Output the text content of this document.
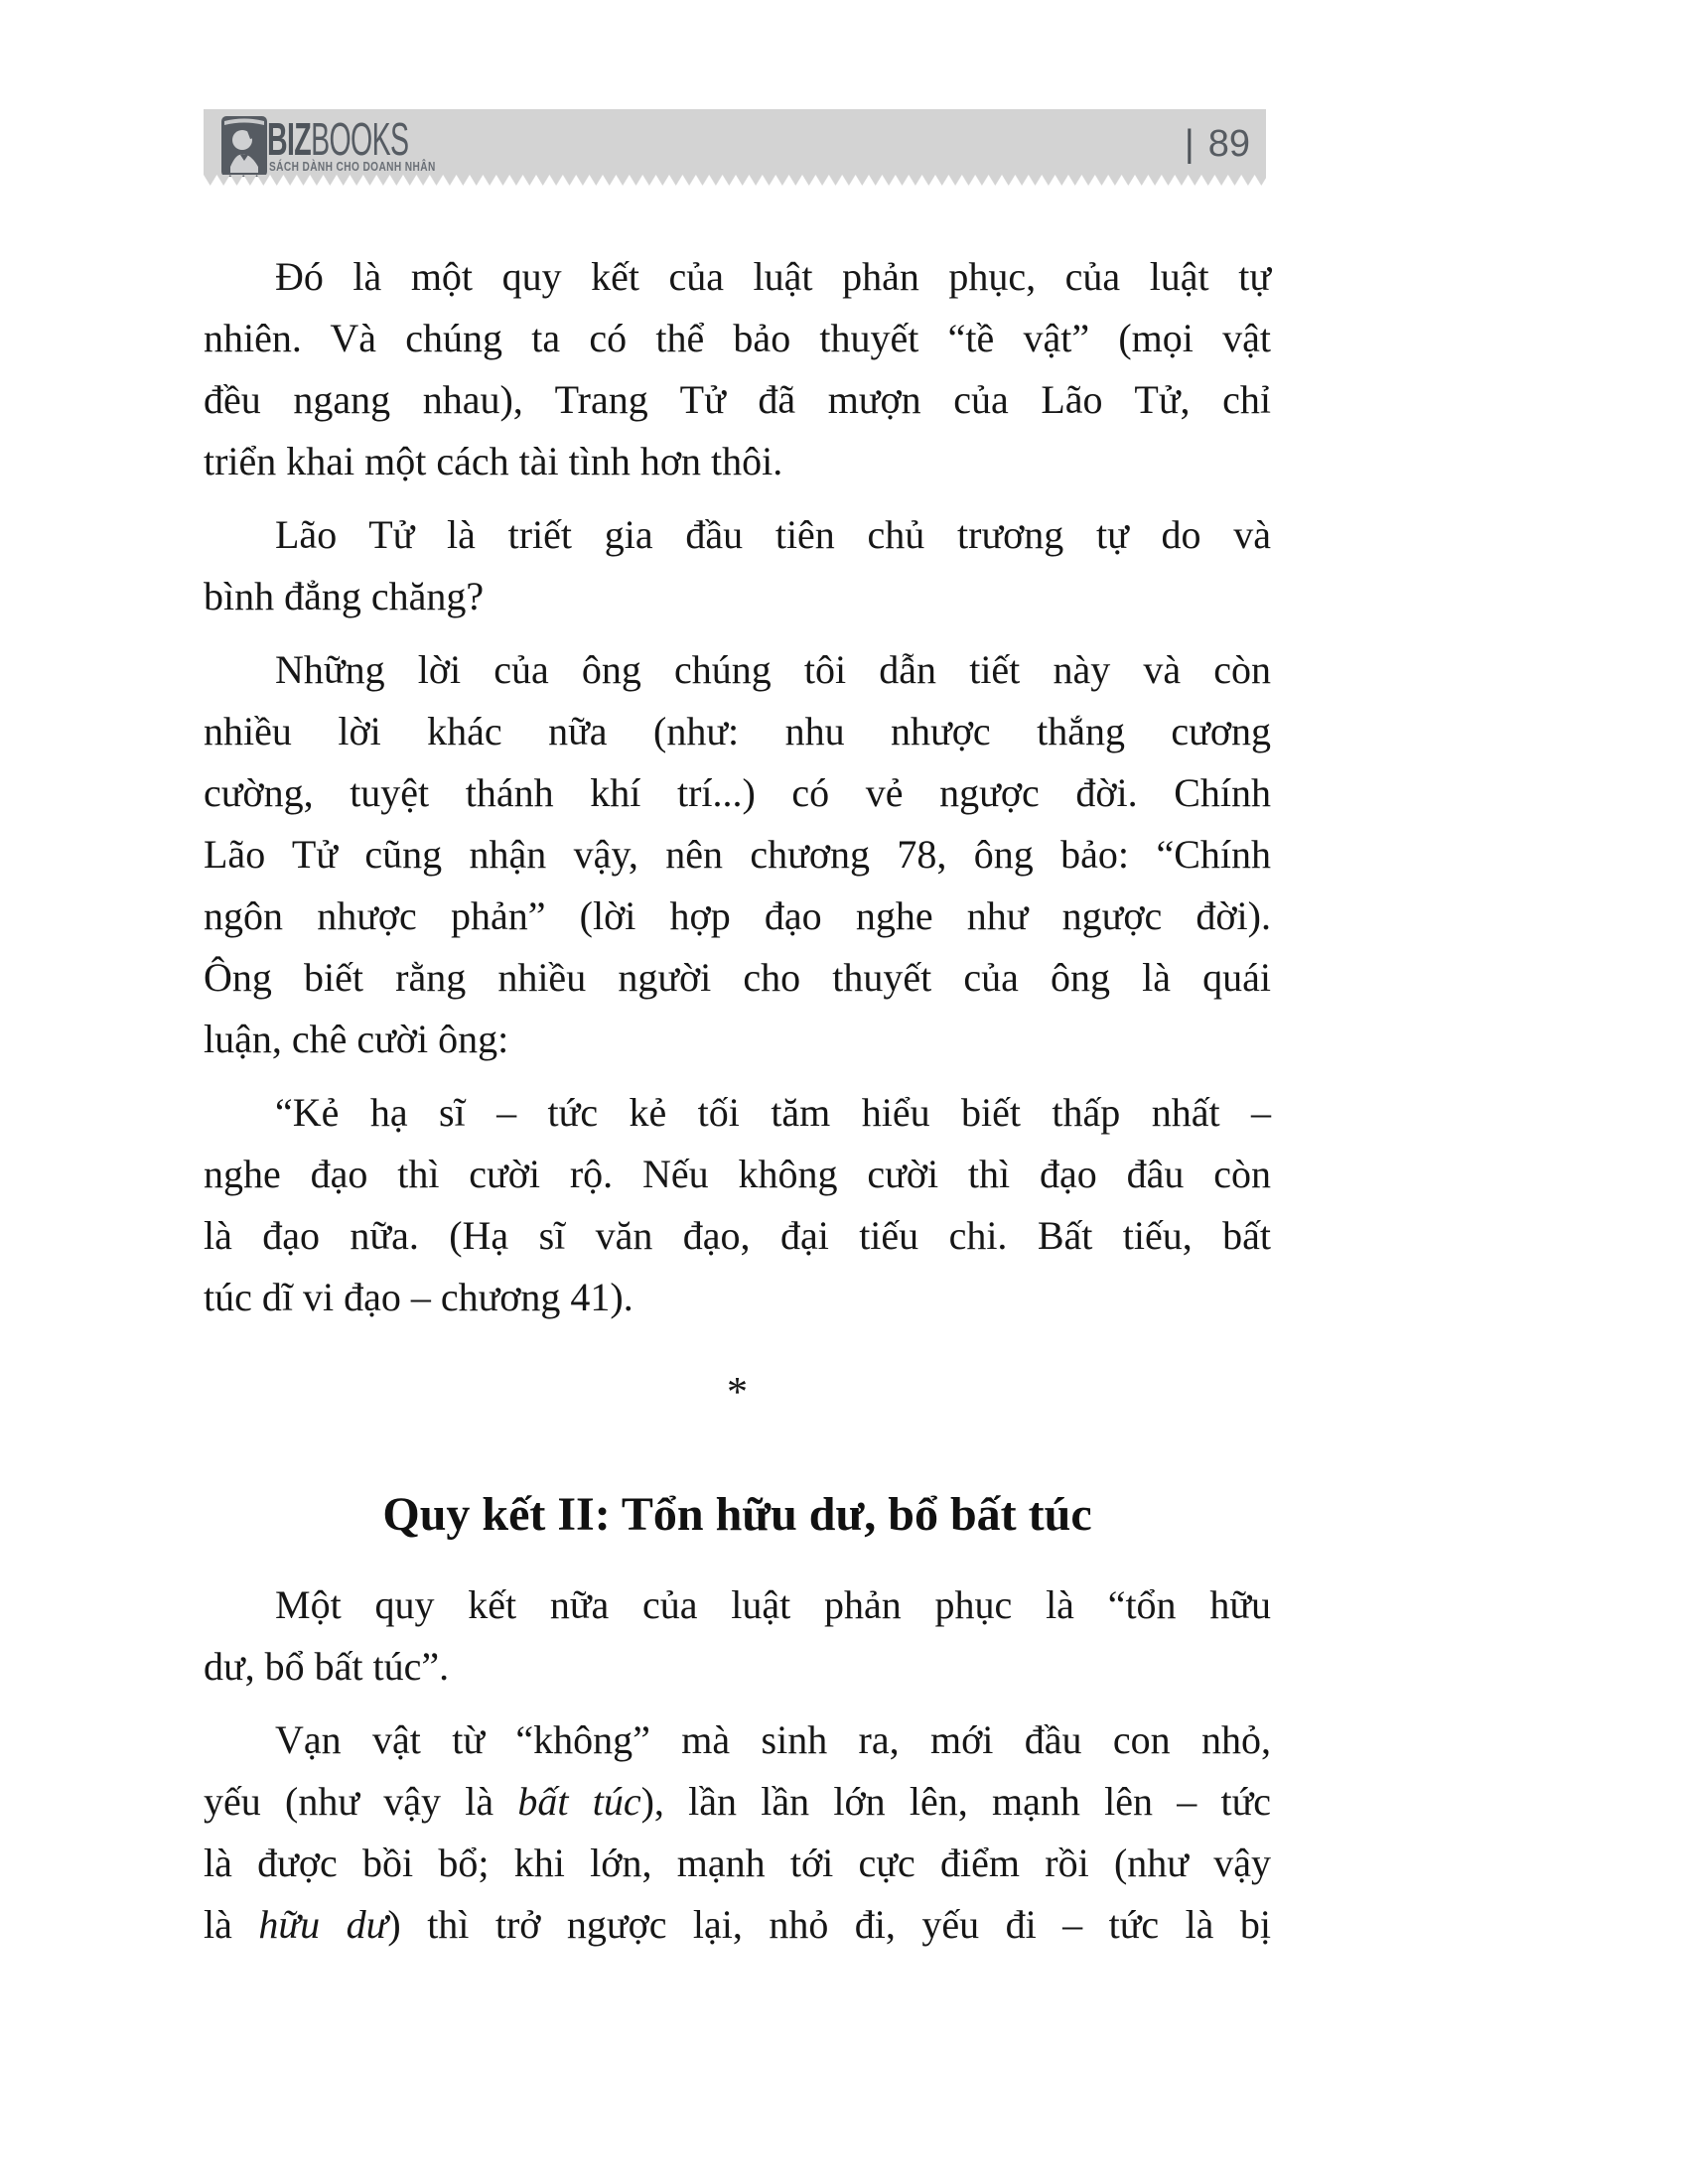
BIZBOOKS
SÁCH DÀNH CHO DOANH NHÂN
| 89
Đó là một quy kết của luật phản phục, của luật tự
nhiên. Và chúng ta có thể bảo thuyết “tề vật” (mọi vật
đều ngang nhau), Trang Tử đã mượn của Lão Tử, chỉ
triển khai một cách tài tình hơn thôi.
Lão Tử là triết gia đầu tiên chủ trương tự do và
bình đẳng chăng?
Những lời của ông chúng tôi dẫn tiết này và còn
nhiều lời khác nữa (như: nhu nhược thắng cương
cường, tuyệt thánh khí trí...) có vẻ ngược đời. Chính
Lão Tử cũng nhận vậy, nên chương 78, ông bảo: “Chính
ngôn nhược phản” (lời hợp đạo nghe như ngược đời).
Ông biết rằng nhiều người cho thuyết của ông là quái
luận, chê cười ông:
“Kẻ hạ sĩ – tức kẻ tối tăm hiểu biết thấp nhất –
nghe đạo thì cười rộ. Nếu không cười thì đạo đâu còn
là đạo nữa. (Hạ sĩ văn đạo, đại tiếu chi. Bất tiếu, bất
túc dĩ vi đạo – chương 41).
*
Quy kết II: Tổn hữu dư, bổ bất túc
Một quy kết nữa của luật phản phục là “tổn hữu
dư, bổ bất túc”.
Vạn vật từ “không” mà sinh ra, mới đầu con nhỏ,
yếu (như vậy là bất túc), lần lần lớn lên, mạnh lên – tức
là được bồi bổ; khi lớn, mạnh tới cực điểm rồi (như vậy
là hữu dư) thì trở ngược lại, nhỏ đi, yếu đi – tức là bị
